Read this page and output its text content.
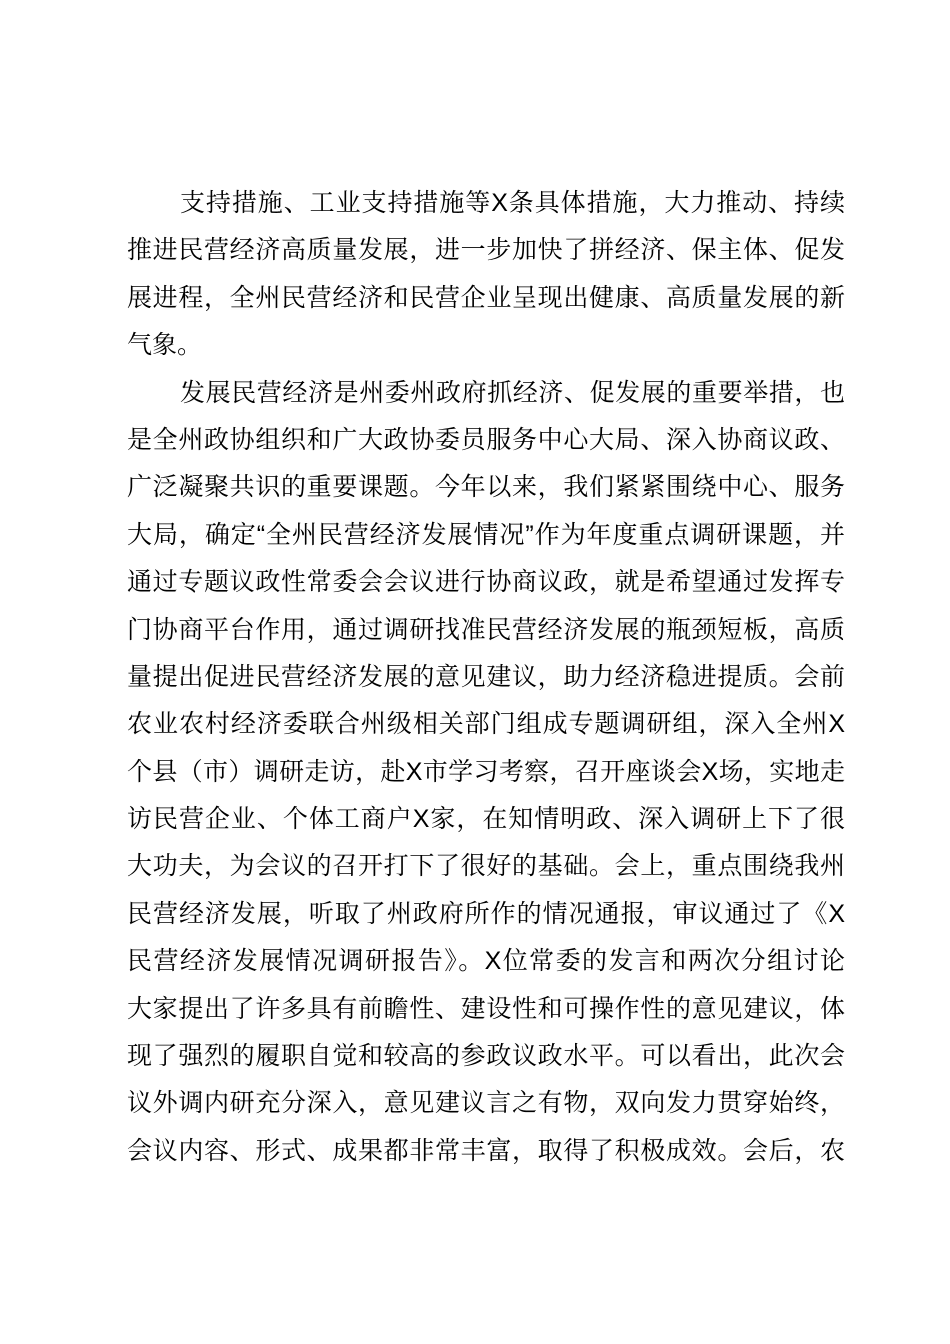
支持措施、工业支持措施等X条具体措施，大力推动、持续
推进民营经济高质量发展，进一步加快了拼经济、保主体、促发
展进程，全州民营经济和民营企业呈现出健康、高质量发展的新
气象。
发展民营经济是州委州政府抓经济、促发展的重要举措，也
是全州政协组织和广大政协委员服务中心大局、深入协商议政、
广泛凝聚共识的重要课题。今年以来，我们紧紧围绕中心、服务
大局，确定“全州民营经济发展情况”作为年度重点调研课题，并
通过专题议政性常委会会议进行协商议政，就是希望通过发挥专
门协商平台作用，通过调研找准民营经济发展的瓶颈短板，高质
量提出促进民营经济发展的意见建议，助力经济稳进提质。会前
农业农村经济委联合州级相关部门组成专题调研组，深入全州X
个县（市）调研走访，赴X市学习考察，召开座谈会X场，实地走
访民营企业、个体工商户X家，在知情明政、深入调研上下了很
大功夫，为会议的召开打下了很好的基础。会上，重点围绕我州
民营经济发展，听取了州政府所作的情况通报，审议通过了《X
民营经济发展情况调研报告》。X位常委的发言和两次分组讨论
大家提出了许多具有前瞻性、建设性和可操作性的意见建议，体
现了强烈的履职自觉和较高的参政议政水平。可以看出，此次会
议外调内研充分深入，意见建议言之有物，双向发力贯穿始终，
会议内容、形式、成果都非常丰富，取得了积极成效。会后，农
